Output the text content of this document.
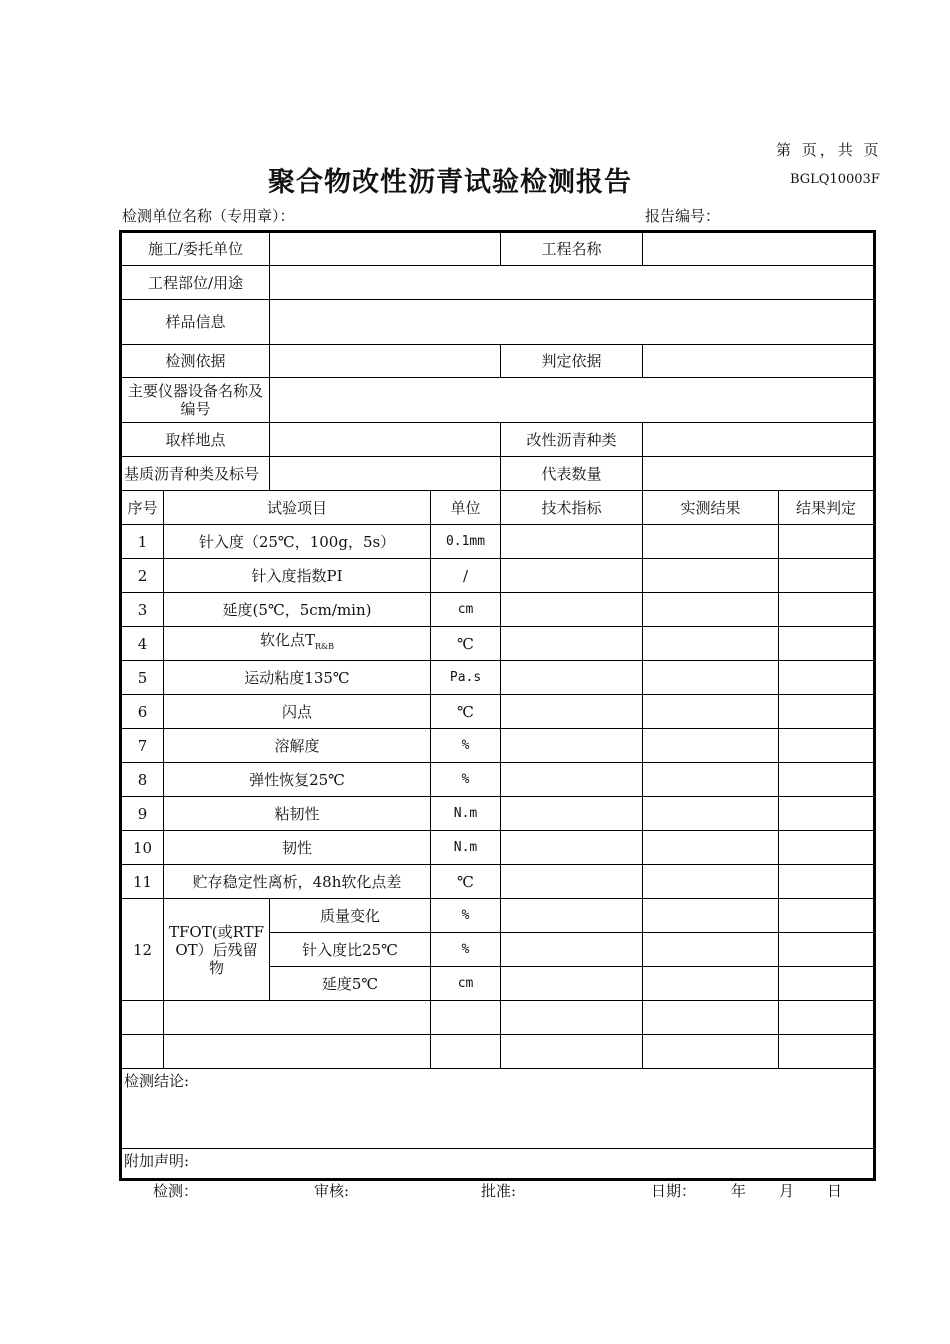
第 页，共 页
聚合物改性沥青试验检测报告	BGLQ10003F
检测单位名称（专用章）：	报告编号：
施工/委托单位				工程名称		
工程部位/用途						
样品信息						
检测依据				判定依据		
主要仪器设备名称及编号						
取样地点				改性沥青种类		
基质沥青种类及标号				代表数量		
序号	试验项目		单位	技术指标	实测结果	结果判定
1	针入度（25℃，100g，5s）		0.1mm			
2	针入度指数PI		/			
3	延度(5℃，5cm/min)		cm			
4	软化点$T_{R\&B}$		℃			
5	运动粘度135℃		Pa.s			
6	闪点		℃			
7	溶解度		%			
8	弹性恢复25℃		%			
9	粘韧性		N.m			
10	韧性		N.m			
11	贮存稳定性离析，48h软化点差		℃			
12	TFOT(或RTFOT）后残留物	质量变化	%			
		针入度比25℃	%			
		延度5℃	cm			

检测结论:						
附加声明:						
检测：	审核:	批准:	日期： 年 月 日
